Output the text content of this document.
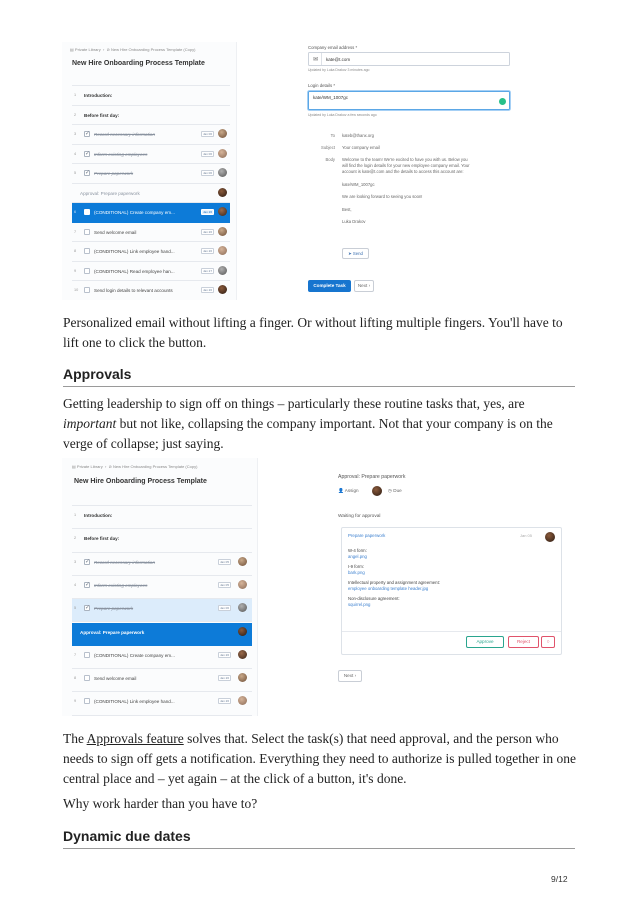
▤ Private Library  ›  ⊘ New Hire Onboarding Process Template (Copy)
New Hire Onboarding Process Template
1 Introduction:
2 Before first day:
3 ✓	Record necessary information	Jan 06
4 ✓	Inform existing employees	Jan 06
5 ✓	Prepare paperwork	Jan 06
Approval: Prepare paperwork
6	(CONDITIONAL) Create company em...	Jan 26
7	Send welcome email	Jan 26
8	(CONDITIONAL) Link employee hand...	Jan 26
9	(CONDITIONAL) Read employee han...	Jan 27
10	Send login details to relevant accounts	Jan 26
Company email address *
✉ kate@t.com
Updated by Luka Drakov 3 minutes ago
Login details *
kate/WM_1007gc
Updated by Luka Drakov a few seconds ago
To kateb@thanx.org
Subject Your company email
Body Welcome to the team! We're excited to have you with us. Below you
will find the login details for your new employee company email. Your
account is kate@t.com and the details to access this account are:
kate/WM_1007gc
We are looking forward to seeing you soon!
Best,
Luka Drakov
➤ Send
Complete Task	Next ›

Personalized email without lifting a finger. Or without lifting multiple fingers. You'll have to lift one to click the button.

Approvals

Getting leadership to sign off on things – particularly these routine tasks that, yes, are important but not like, collapsing the company important. Not that your company is on the verge of collapse; just saying.

▤ Private Library  ›  ⊘ New Hire Onboarding Process Template (Copy)
New Hire Onboarding Process Template
1 Introduction:
2 Before first day:
3 ✓	Record necessary information	Jan 05
4 ✓	Inform existing employees	Jan 05
5 ✓	Prepare paperwork	Jan 06
Approval: Prepare paperwork
7	(CONDITIONAL) Create company em...	Jan 26
8	Send welcome email	Jan 26
9	(CONDITIONAL) Link employee hand...	Jan 26
Approval: Prepare paperwork
👤 Assign	◷ Due
Waiting for approval
Prepare paperwork	Jan 05
W-4 form:
angel.png
I-9 form:
bark.png
Intellectual property and assignment agreement:
employee onboarding template header.jpg
Non-disclosure agreement:
squirrel.png
Approve	Reject	○
Next ›

The Approvals feature solves that. Select the task(s) that need approval, and the person who needs to sign off gets a notification. Everything they need to authorize is pulled together in one central place and – yet again – at the click of a button, it's done.

Why work harder than you have to?

Dynamic due dates
9/12
